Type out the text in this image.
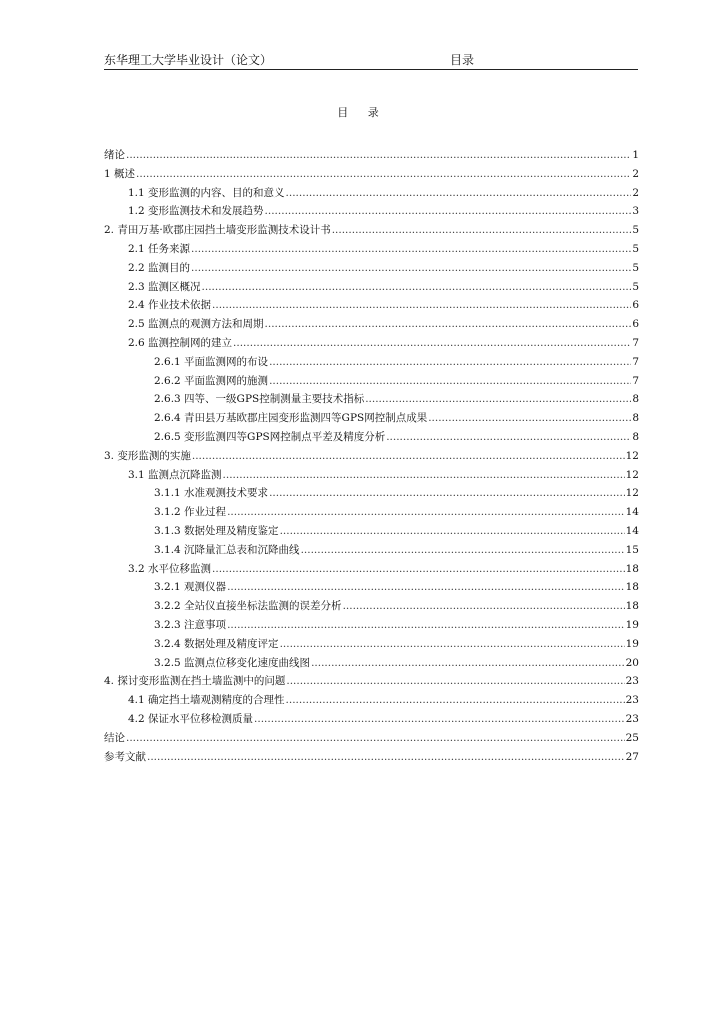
东华理工大学毕业设计（论文）	目录
目 录
绪论 .....	1
1 概述 .....	2
1.1 变形监测的内容、目的和意义 .....	2
1.2 变形监测技术和发展趋势 .....	3
2. 青田万基·欧郡庄园挡土墙变形监测技术设计书 .....	5
2.1 任务来源 .....	5
2.2 监测目的 .....	5
2.3 监测区概况 .....	5
2.4 作业技术依据 .....	6
2.5 监测点的观测方法和周期 .....	6
2.6 监测控制网的建立 .....	7
2.6.1 平面监测网的布设 .....	7
2.6.2 平面监测网的施测 .....	7
2.6.3 四等、一级GPS控制测量主要技术指标 .....	8
2.6.4 青田县万基欧郡庄园变形监测四等GPS网控制点成果 .....	8
2.6.5 变形监测四等GPS网控制点平差及精度分析 .....	8
3. 变形监测的实施 .....	12
3.1 监测点沉降监测 .....	12
3.1.1 水准观测技术要求 .....	12
3.1.2 作业过程 .....	14
3.1.3 数据处理及精度鉴定 .....	14
3.1.4 沉降量汇总表和沉降曲线 .....	15
3.2 水平位移监测 .....	18
3.2.1 观测仪器 .....	18
3.2.2 全站仪直接坐标法监测的误差分析 .....	18
3.2.3 注意事项 .....	19
3.2.4 数据处理及精度评定 .....	19
3.2.5 监测点位移变化速度曲线图 .....	20
4. 探讨变形监测在挡土墙监测中的问题 .....	23
4.1 确定挡土墙观测精度的合理性 .....	23
4.2 保证水平位移检测质量 .....	23
结论 .....	25
参考文献 .....	27
